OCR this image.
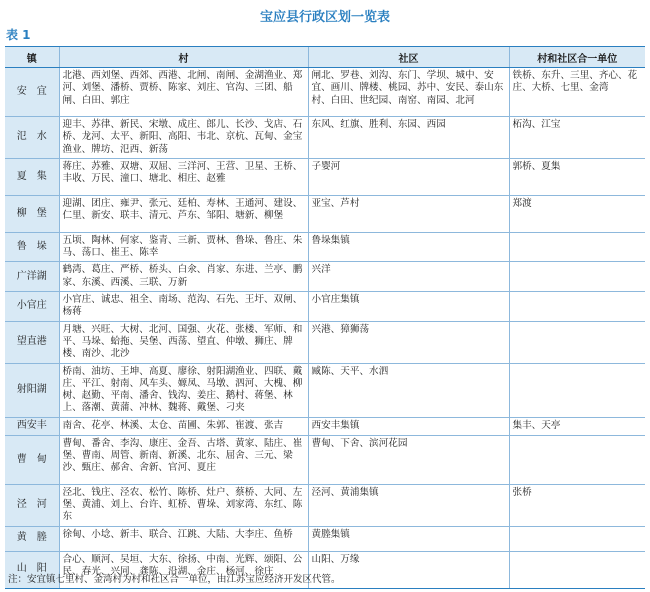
宝应县行政区划一览表
表 1
镇	村	社区	村和社区合一单位
安　宜	北港、西刘堡、西郊、西港、北闸、南闸、金湖渔业、郑河、刘堡、潘桥、贾桥、陈家、刘庄、官沟、三团、船闸、白田、郭庄	闸北、罗巷、刘沟、东门、学坝、城中、安宜、画川、牌楼、桃园、苏中、安民、泰山东村、白田、世纪园、南窑、南园、北河	铁桥、东升、三里、齐心、花庄、大桥、七里、金湾
氾　水	迎丰、苏律、新民、宋墩、成庄、郎儿、长沙、戈店、石桥、龙河、太平、新阳、高阳、韦北、京杭、瓦甸、金宝渔业、牌坊、氾西、新荡	东风、红旗、胜利、东园、西园	柘沟、江宝
夏　集	蒋庄、苏雅、双塘、双屈、三洋河、王营、卫星、王桥、丰收、万民、潼口、塘北、相庄、赵雅	子婴河	郭桥、夏集
柳　堡	迎湖、团庄、雍尹、张元、廷柏、寿林、王通河、建设、仁里、新安、联丰、清元、芦东、邹阳、塘新、柳堡	亚宝、芦村	郑渡
鲁　垛	五顷、陶林、何家、鉴青、三新、贾林、鲁垛、鲁庄、朱马、荡口、崔王、陈幸	鲁垛集镇	
广洋湖	鹤湾、葛庄、严桥、桥头、白氽、肖家、东进、兰亭、鹏家、东溪、西溪、三联、万新	兴洋	
小官庄	小官庄、诚忠、祖全、南场、范沟、石先、王圩、双闸、杨蒋	小官庄集镇	
望直港	月塘、兴旺、大树、北河、国强、火花、张楼、军师、和平、马垛、蛤拖、吴堡、西荡、望直、仲墩、狮庄、牌楼、南沙、北沙	兴港、獐狮荡	
射阳湖	桥南、油坊、王坤、高夏、廖徐、射阳湖渔业、四联、戴庄、平江、射南、风车头、嫄凤、马墩、泗河、大槐、柳树、赵勤、平南、潘舍、钱沟、姜庄、鹅村、蒋堡、林上、落潮、黄蒲、冲林、魏蒋、戴堡、刁夹	臧陈、天平、水泗	
西安丰	南舍、花亭、林溪、太仓、苗圃、朱郭、崔渡、张吉	西安丰集镇	集丰、天亭
曹　甸	曹甸、番舍、李沟、康庄、金吾、古塔、黄家、陆庄、崔堡、曹南、周管、新南、新溪、北东、屈舍、三元、梁沙、甄庄、郝舍、舍新、官河、夏庄	曹甸、下舍、滨河花园	
泾　河	泾北、钱庄、泾农、松竹、陈桥、灶户、蔡桥、大同、左堡、黄浦、刘上、台许、虹桥、曹垛、刘家湾、东红、陈东	泾河、黄浦集镇	张桥
黄　塍	徐甸、小埝、新丰、联合、江跳、大陆、大李庄、鱼桥	黄塍集镇	
山　阳	合心、顺河、吴垣、大东、徐扬、中南、光辉、颂阳、公民、春光、兴同、龚陈、沿湖、金庄、杨河、徐庄	山阳、万缘	
注：安宜镇七里村、金湾村为村和社区合一单位，由江苏宝应经济开发区代管。
